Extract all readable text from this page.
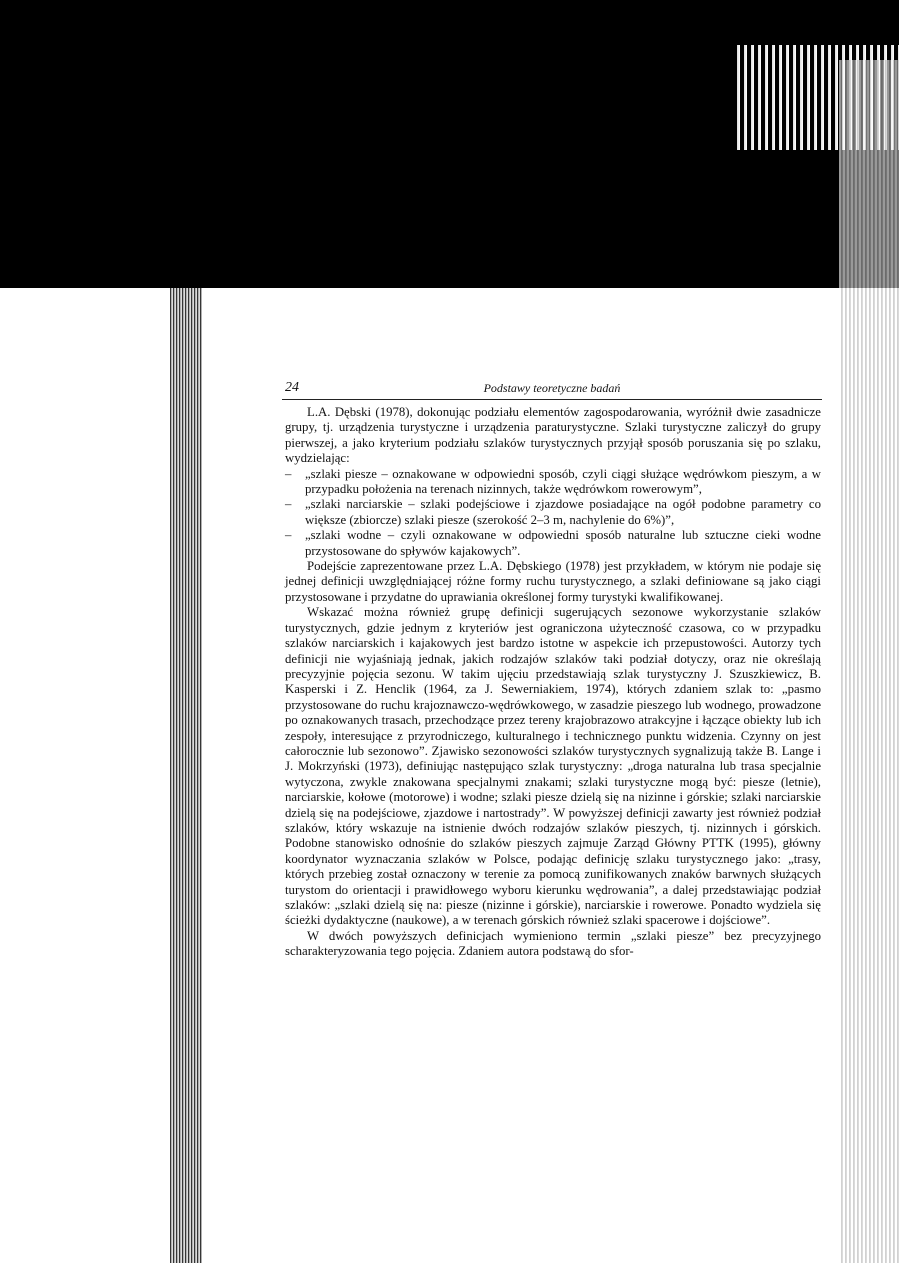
24	Podstawy teoretyczne badań

L.A. Dębski (1978), dokonując podziału elementów zagospodarowania, wyróżnił dwie zasadnicze grupy, tj. urządzenia turystyczne i urządzenia paraturystyczne. Szlaki turystyczne zaliczył do grupy pierwszej, a jako kryterium podziału szlaków turystycznych przyjął sposób poruszania się po szlaku, wydzielając:

– „szlaki piesze – oznakowane w odpowiedni sposób, czyli ciągi służące wędrówkom pieszym, a w przypadku położenia na terenach nizinnych, także wędrówkom rowerowym”,
– „szlaki narciarskie – szlaki podejściowe i zjazdowe posiadające na ogół podobne parametry co większe (zbiorcze) szlaki piesze (szerokość 2–3 m, nachylenie do 6%)”,
– „szlaki wodne – czyli oznakowane w odpowiedni sposób naturalne lub sztuczne cieki wodne przystosowane do spływów kajakowych”.

Podejście zaprezentowane przez L.A. Dębskiego (1978) jest przykładem, w którym nie podaje się jednej definicji uwzględniającej różne formy ruchu turystycznego, a szlaki definiowane są jako ciągi przystosowane i przydatne do uprawiania określonej formy turystyki kwalifikowanej.

Wskazać można również grupę definicji sugerujących sezonowe wykorzystanie szlaków turystycznych, gdzie jednym z kryteriów jest ograniczona użyteczność czasowa, co w przypadku szlaków narciarskich i kajakowych jest bardzo istotne w aspekcie ich przepustowości. Autorzy tych definicji nie wyjaśniają jednak, jakich rodzajów szlaków taki podział dotyczy, oraz nie określają precyzyjnie pojęcia sezonu. W takim ujęciu przedstawiają szlak turystyczny J. Szuszkiewicz, B. Kasperski i Z. Henclik (1964, za J. Sewerniakiem, 1974), których zdaniem szlak to: „pasmo przystosowane do ruchu krajoznawczo-wędrówkowego, w zasadzie pieszego lub wodnego, prowadzone po oznakowanych trasach, przechodzące przez tereny krajobrazowo atrakcyjne i łączące obiekty lub ich zespoły, interesujące z przyrodniczego, kulturalnego i technicznego punktu widzenia. Czynny on jest całorocznie lub sezonowo”. Zjawisko sezonowości szlaków turystycznych sygnalizują także B. Lange i J. Mokrzyński (1973), definiując następująco szlak turystyczny: „droga naturalna lub trasa specjalnie wytyczona, zwykle znakowana specjalnymi znakami; szlaki turystyczne mogą być: piesze (letnie), narciarskie, kołowe (motorowe) i wodne; szlaki piesze dzielą się na nizinne i górskie; szlaki narciarskie dzielą się na podejściowe, zjazdowe i nartostrady”. W powyższej definicji zawarty jest również podział szlaków, który wskazuje na istnienie dwóch rodzajów szlaków pieszych, tj. nizinnych i górskich. Podobne stanowisko odnośnie do szlaków pieszych zajmuje Zarząd Główny PTTK (1995), główny koordynator wyznaczania szlaków w Polsce, podając definicję szlaku turystycznego jako: „trasy, których przebieg został oznaczony w terenie za pomocą zunifikowanych znaków barwnych służących turystom do orientacji i prawidłowego wyboru kierunku wędrowania”, a dalej przedstawiając podział szlaków: „szlaki dzielą się na: piesze (nizinne i górskie), narciarskie i rowerowe. Ponadto wydziela się ścieżki dydaktyczne (naukowe), a w terenach górskich również szlaki spacerowe i dojściowe”.

W dwóch powyższych definicjach wymieniono termin „szlaki piesze” bez precyzyjnego scharakteryzowania tego pojęcia. Zdaniem autora podstawą do sfor-
